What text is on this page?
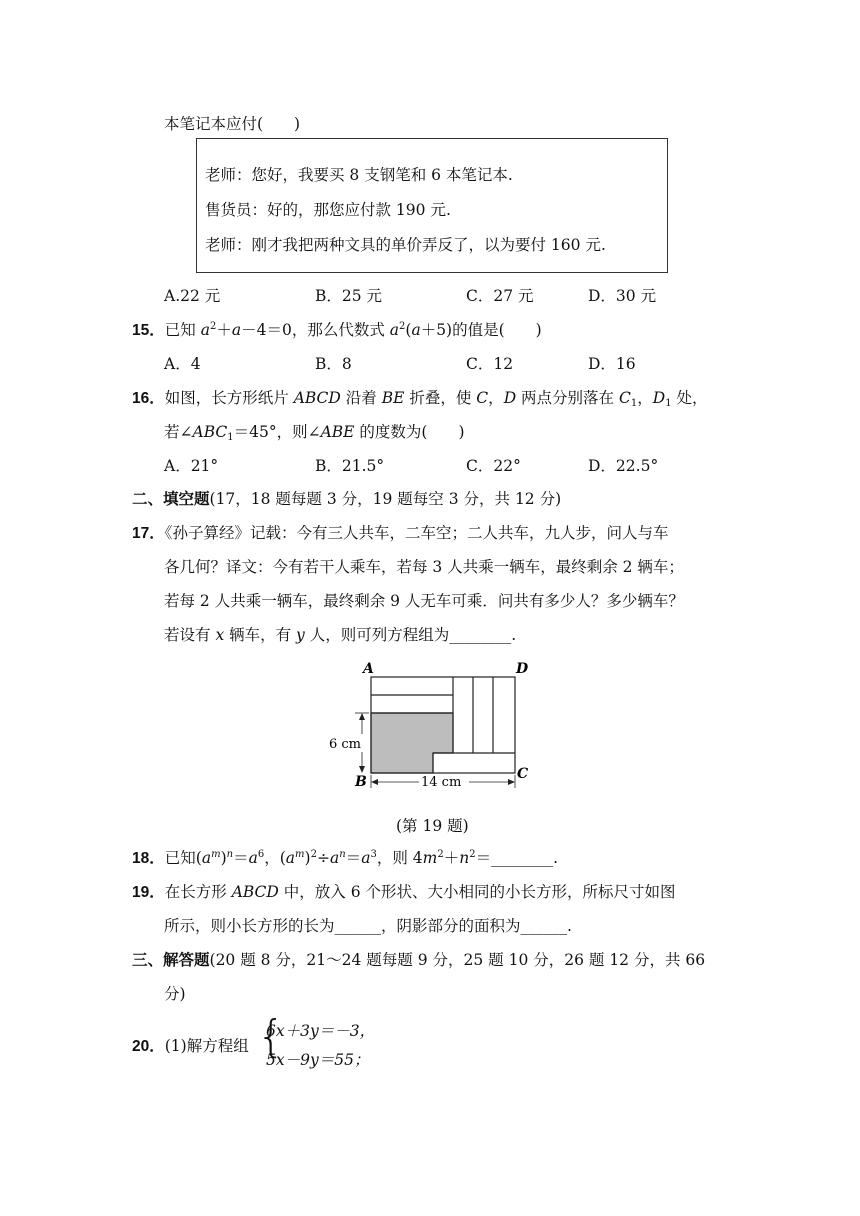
本笔记本应付(　　)
老师：您好，我要买 8 支钢笔和 6 本笔记本.
售货员：好的，那您应付款 190 元.
老师：刚才我把两种文具的单价弄反了，以为要付 160 元.
A.22 元	B．25 元	C．27 元	D．30 元
15．已知 $a^2+a-4=0$，那么代数式 $a^2(a+5)$的值是(　　)
A．4	B．8	C．12	D．16
16．如图，长方形纸片 ABCD 沿着 BE 折叠，使 C，D 两点分别落在 $C_1$，$D_1$ 处，
若$\angle ABC_1=45^\circ$，则∠ABE 的度数为(　　)
A．21°	B．21.5°	C．22°	D．22.5°
二、填空题(17，18 题每题 3 分，19 题每空 3 分，共 12 分)
17．《孙子算经》记载：今有三人共车，二车空；二人共车，九人步，问人与车
各几何？译文：今有若干人乘车，若每 3 人共乘一辆车，最终剩余 2 辆车；
若每 2 人共乘一辆车，最终剩余 9 人无车可乘．问共有多少人？多少辆车？
若设有 x 辆车，有 y 人，则可列方程组为________.
A	D
B	C
6 cm
14 cm
(第 19 题)
18．已知$(a^m)^n=a^6$，$(a^m)^2\div a^n=a^3$，则 $4m^2+n^2=\_\_\_\_\_\_\_\_$.
19．在长方形 ABCD 中，放入 6 个形状、大小相同的小长方形，所标尺寸如图
所示，则小长方形的长为______，阴影部分的面积为______.
三、解答题(20 题 8 分，21～24 题每题 9 分，25 题 10 分，26 题 12 分，共 66
分)
20．(1)解方程组 {
6x＋3y＝－3，
5x－9y＝55；
